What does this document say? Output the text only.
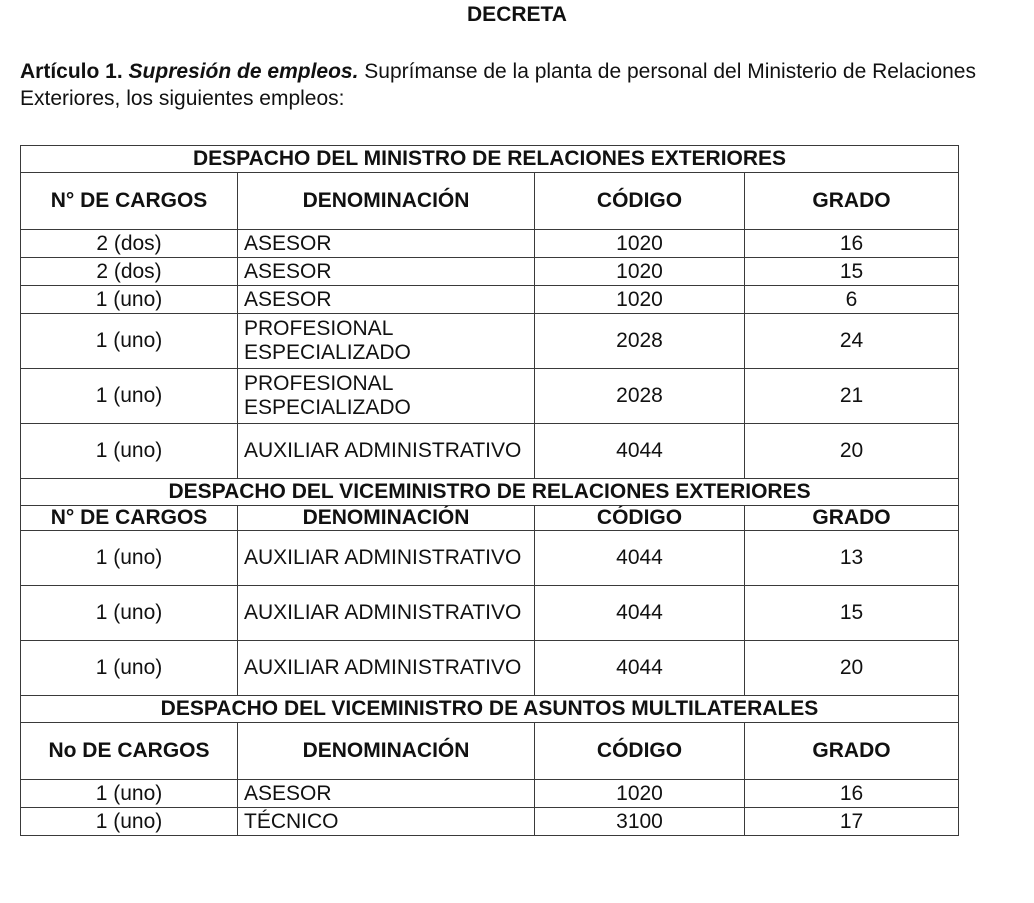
DECRETA
Artículo 1. Supresión de empleos. Suprímanse de la planta de personal del Ministerio de Relaciones Exteriores, los siguientes empleos:
DESPACHO DEL MINISTRO DE RELACIONES EXTERIORES			
N° DE CARGOS	DENOMINACIÓN	CÓDIGO	GRADO
2 (dos)	ASESOR	1020	16
2 (dos)	ASESOR	1020	15
1 (uno)	ASESOR	1020	6
1 (uno)	PROFESIONAL ESPECIALIZADO	2028	24
1 (uno)	PROFESIONAL ESPECIALIZADO	2028	21
1 (uno)	AUXILIAR ADMINISTRATIVO	4044	20
DESPACHO DEL VICEMINISTRO DE RELACIONES EXTERIORES			
N° DE CARGOS	DENOMINACIÓN	CÓDIGO	GRADO
1 (uno)	AUXILIAR ADMINISTRATIVO	4044	13
1 (uno)	AUXILIAR ADMINISTRATIVO	4044	15
1 (uno)	AUXILIAR ADMINISTRATIVO	4044	20
DESPACHO DEL VICEMINISTRO DE ASUNTOS MULTILATERALES			
No DE CARGOS	DENOMINACIÓN	CÓDIGO	GRADO
1 (uno)	ASESOR	1020	16
1 (uno)	TÉCNICO	3100	17
